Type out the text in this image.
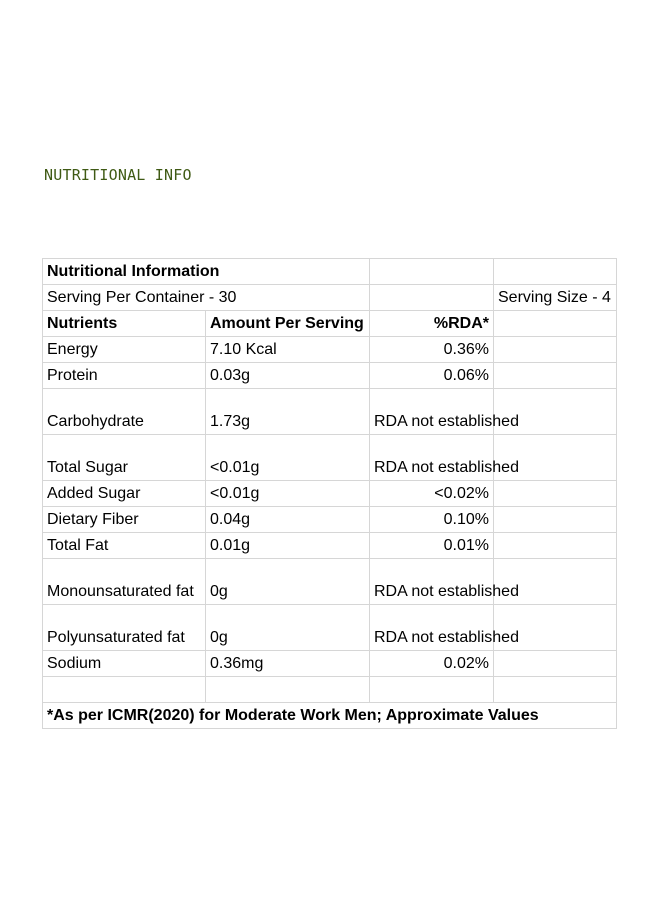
NUTRITIONAL INFO
Nutritional Information			
Serving Per Container - 30			Serving Size - 4
Nutrients	Amount Per Serving	%RDA*	
Energy	7.10 Kcal	0.36%	
Protein	0.03g	0.06%	
Carbohydrate	1.73g	RDA not established	
Total Sugar	<0.01g	RDA not established	
Added Sugar	<0.01g	<0.02%	
Dietary Fiber	0.04g	0.10%	
Total Fat	0.01g	0.01%	
Monounsaturated fat	0g	RDA not established	
Polyunsaturated fat	0g	RDA not established	
Sodium	0.36mg	0.02%	

*As per ICMR(2020) for Moderate Work Men; Approximate Values			
